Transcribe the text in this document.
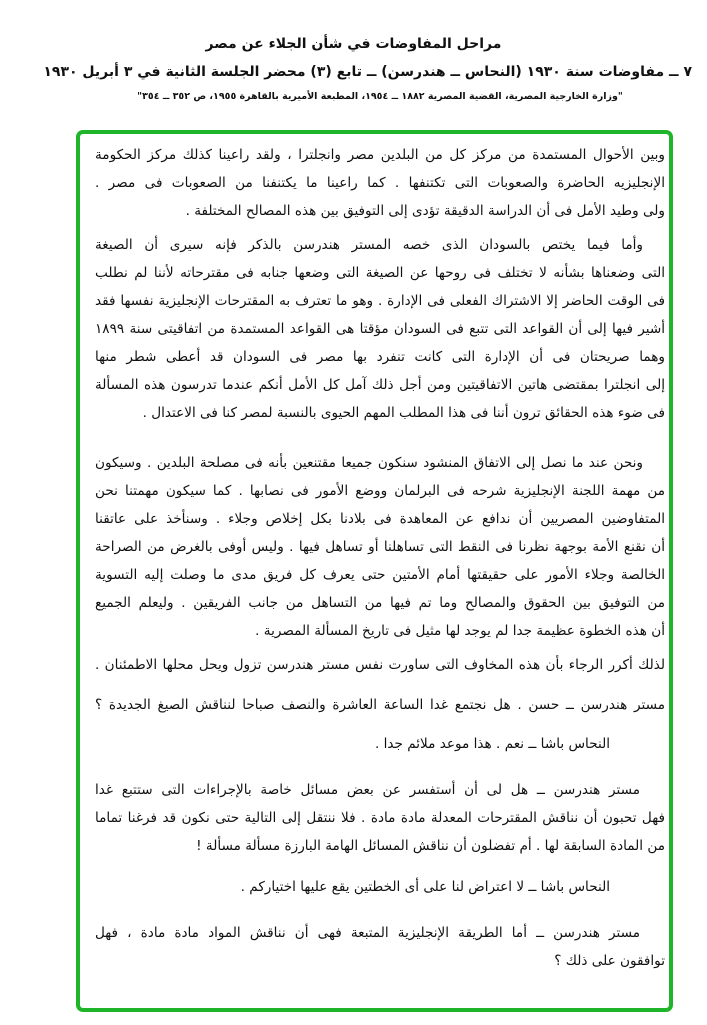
مراحل المفاوضات في شأن الجلاء عن مصر
٧ ــ مفاوضات سنة ١٩٣٠ (النحاس ــ هندرسن) ــ تابع (٣) محضر الجلسة الثانية في ٣ أبريل ١٩٣٠
"وزارة الخارجية المصرية، القضية المصرية ١٨٨٢ ــ ١٩٥٤، المطبعة الأميرية بالقاهرة ١٩٥٥، ص ٣٥٢ ــ ٣٥٤"
وبين الأحوال المستمدة من مركز كل من البلدين مصر وانجلترا ، ولقد راعينا كذلك مركز الحكومة
الإنجليزيه الحاضرة والصعوبات التى تكتنفها . كما راعينا ما يكتنفنا من الصعوبات فى مصر .
ولى وطيد الأمل فى أن الدراسة الدقيقة تؤدى إلى التوفيق بين هذه المصالح المختلفة .
وأما فيما يختص بالسودان الذى خصه المستر هندرسن بالذكر فإنه سيرى أن الصيغة
التى وضعناها بشأنه لا تختلف فى روحها عن الصيغة التى وضعها جنابه فى مقترحاته لأننا لم نطلب
فى الوقت الحاضر إلا الاشتراك الفعلى فى الإدارة . وهو ما تعترف به المقترحات الإنجليزية نفسها فقد
أشير فيها إلى أن القواعد التى تتبع فى السودان مؤقتا هى القواعد المستمدة من اتفاقيتى سنة ١٨٩٩
وهما صريحتان فى أن الإدارة التى كانت تنفرد بها مصر فى السودان قد أعطى شطر منها
إلى انجلترا بمقتضى هاتين الاتفاقيتين ومن أجل ذلك آمل كل الأمل أنكم عندما تدرسون هذه المسألة
فى ضوء هذه الحقائق ترون أننا فى هذا المطلب المهم الحيوى بالنسبة لمصر كنا فى الاعتدال .
ونحن عند ما نصل إلى الاتفاق المنشود سنكون جميعا مقتنعين بأنه فى مصلحة البلدين . وسيكون
من مهمة اللجنة الإنجليزية شرحه فى البرلمان ووضع الأمور فى نصابها . كما سيكون مهمتنا نحن
المتفاوضين المصريين أن ندافع عن المعاهدة فى بلادنا بكل إخلاص وجلاء . وسنأخذ على عاتقنا
أن نقنع الأمة بوجهة نظرنا فى النقط التى تساهلنا أو تساهل فيها . وليس أوفى بالغرض من الصراحة
الخالصة وجلاء الأمور على حقيقتها أمام الأمتين حتى يعرف كل فريق مدى ما وصلت إليه التسوية
من التوفيق بين الحقوق والمصالح وما تم فيها من التساهل من جانب الفريقين . وليعلم الجميع
أن هذه الخطوة عظيمة جدا لم يوجد لها مثيل فى تاريخ المسألة المصرية .
لذلك أكرر الرجاء بأن هذه المخاوف التى ساورت نفس مستر هندرسن تزول ويحل محلها الاطمئنان .
مستر هندرسن ــ حسن . هل نجتمع غدا الساعة العاشرة والنصف صباحا لنناقش الصيغ الجديدة ؟
النحاس باشا ــ نعم . هذا موعد ملائم جدا .
مستر هندرسن ــ هل لى أن أستفسر عن بعض مسائل خاصة بالإجراءات التى ستتبع غدا
فهل تحبون أن نناقش المقترحات المعدلة مادة مادة . فلا ننتقل إلى التالية حتى نكون قد فرغنا تماما
من المادة السابقة لها . أم تفضلون أن نناقش المسائل الهامة البارزة مسألة مسألة !
النحاس باشا ــ لا اعتراض لنا على أى الخطتين يقع عليها اختياركم .
مستر هندرسن ــ أما الطريقة الإنجليزية المتبعة فهى أن نناقش المواد مادة مادة ، فهل
توافقون على ذلك ؟
